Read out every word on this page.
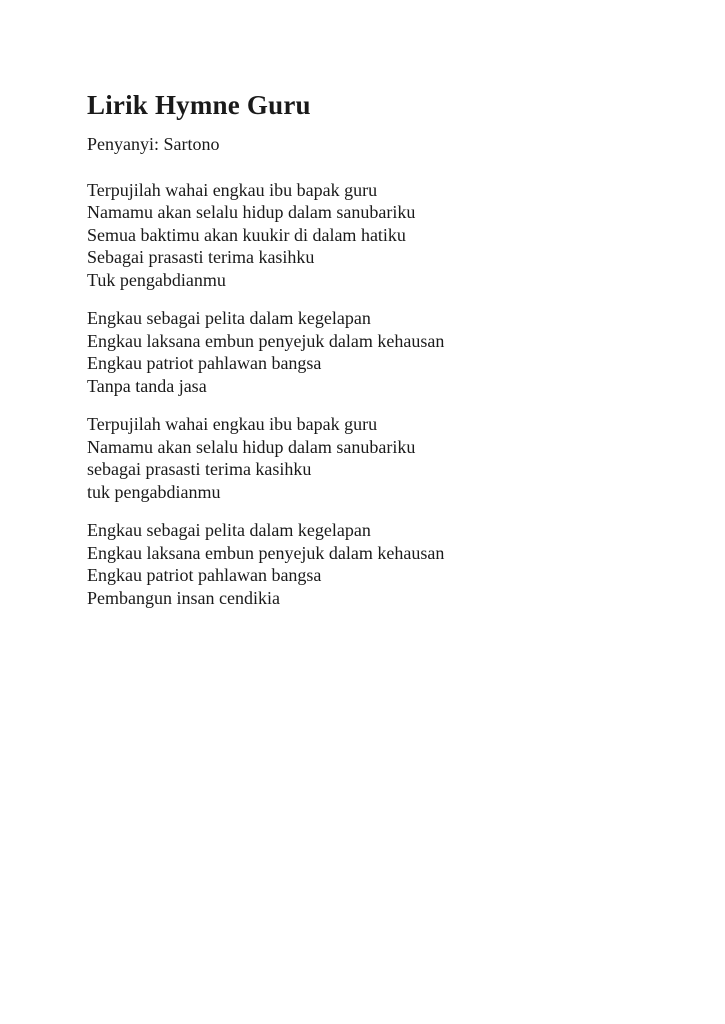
Lirik Hymne Guru

Penyanyi: Sartono

Terpujilah wahai engkau ibu bapak guru
Namamu akan selalu hidup dalam sanubariku
Semua baktimu akan kuukir di dalam hatiku
Sebagai prasasti terima kasihku
Tuk pengabdianmu

Engkau sebagai pelita dalam kegelapan
Engkau laksana embun penyejuk dalam kehausan
Engkau patriot pahlawan bangsa
Tanpa tanda jasa

Terpujilah wahai engkau ibu bapak guru
Namamu akan selalu hidup dalam sanubariku
sebagai prasasti terima kasihku
tuk pengabdianmu

Engkau sebagai pelita dalam kegelapan
Engkau laksana embun penyejuk dalam kehausan
Engkau patriot pahlawan bangsa
Pembangun insan cendikia
